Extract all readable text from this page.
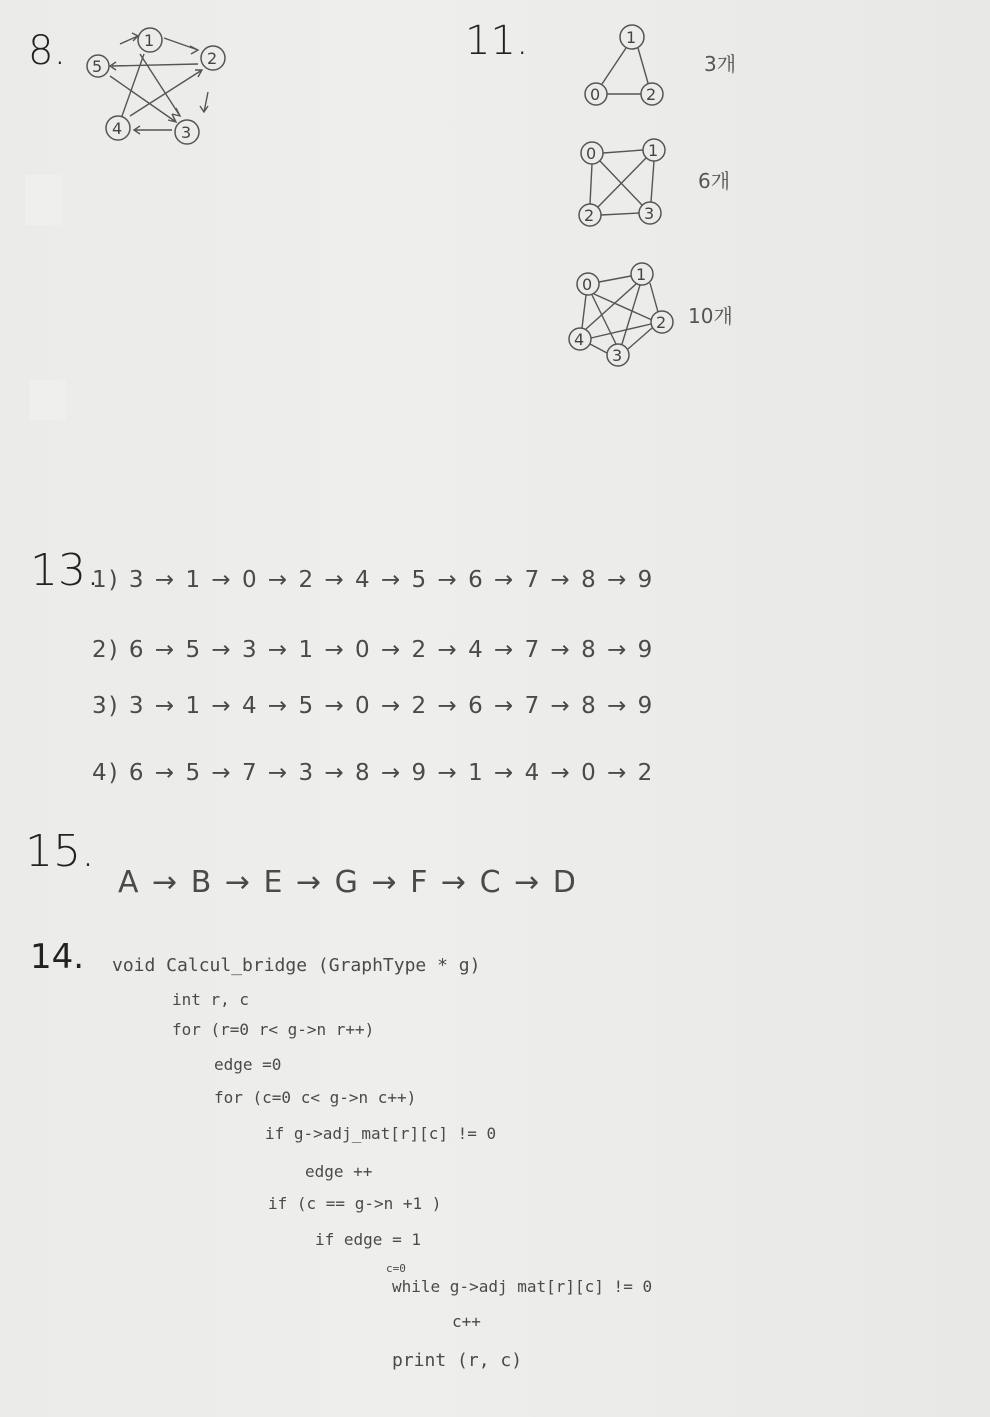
8.	1
2
3
4
5
11.	1
0	2
3개
0	1
2	3
6개
0
1
2
3
4
10개
13.
1) 3 → 1 → 0 → 2 → 4 → 5 → 6 → 7 → 8 → 9
2) 6 → 5 → 3 → 1 → 0 → 2 → 4 → 7 → 8 → 9
3) 3 → 1 → 4 → 5 → 0 → 2 → 6 → 7 → 8 → 9
4) 6 → 5 → 7 → 3 → 8 → 9 → 1 → 4 → 0 → 2
15.
A → B → E → G → F → C → D
14. void Calcul_bridge (GraphType * g)
int r, c
for (r=0 r< g->n r++)
edge =0
for (c=0 c< g->n c++)
if g->adj_mat[r][c] != 0
edge ++
if (c == g->n +1 )
if edge = 1
c=0
while g->adj mat[r][c] != 0
c++
print (r, c)
